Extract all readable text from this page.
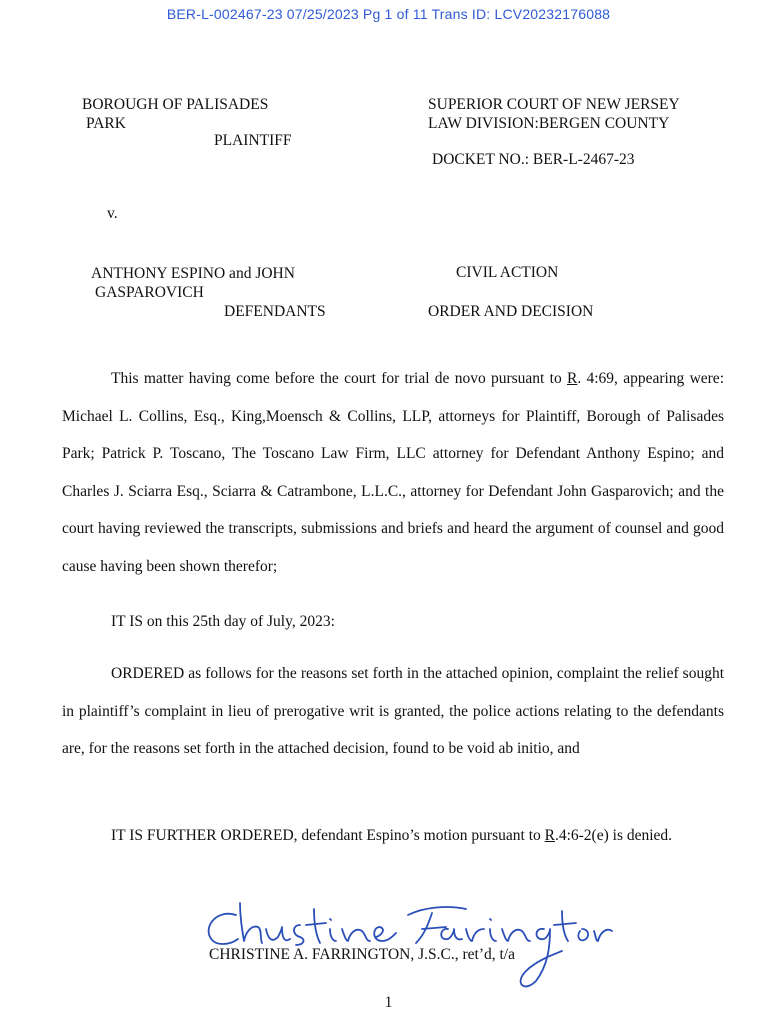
BER-L-002467-23 07/25/2023 Pg 1 of 11 Trans ID: LCV20232176088
BOROUGH OF PALISADES
PARK
PLAINTIFF
SUPERIOR COURT OF NEW JERSEY
LAW DIVISION:BERGEN COUNTY
DOCKET NO.: BER-L-2467-23
v.
ANTHONY ESPINO and JOHN
GASPAROVICH
DEFENDANTS
CIVIL ACTION
ORDER AND DECISION

This matter having come before the court for trial de novo pursuant to R. 4:69, appearing were: Michael L. Collins, Esq., King,Moensch & Collins, LLP, attorneys for Plaintiff, Borough of Palisades Park; Patrick P. Toscano, The Toscano Law Firm, LLC attorney for Defendant Anthony Espino; and Charles J. Sciarra Esq., Sciarra & Catrambone, L.L.C., attorney for Defendant John Gasparovich; and the court having reviewed the transcripts, submissions and briefs and heard the argument of counsel and good cause having been shown therefor;

IT IS on this 25th day of July, 2023:

ORDERED as follows for the reasons set forth in the attached opinion, complaint the relief sought in plaintiff’s complaint in lieu of prerogative writ is granted, the police actions relating to the defendants are, for the reasons set forth in the attached decision, found to be void ab initio, and

IT IS FURTHER ORDERED, defendant Espino’s motion pursuant to R.4:6-2(e) is denied.

CHRISTINE A. FARRINGTON, J.S.C., ret’d, t/a
1
